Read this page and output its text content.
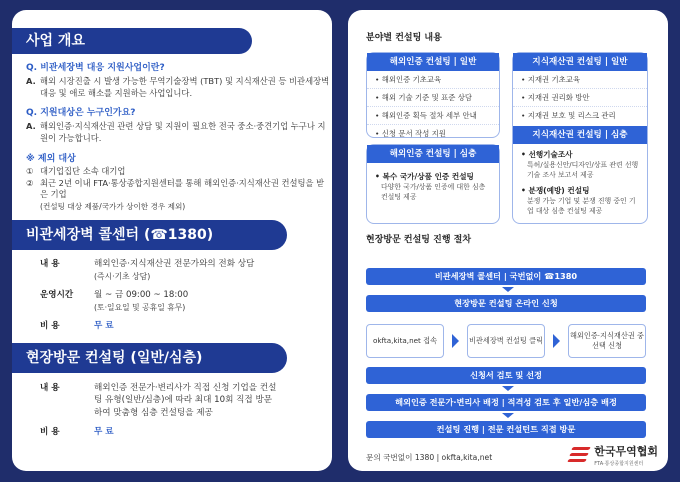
사업 개요
Q. 비관세장벽 대응 지원사업이란?
A. 해외 시장진출 시 발생 가능한 무역기술장벽 (TBT) 및 지식재산권 등 비관세장벽 대응 및 애로 해소를 지원하는 사업입니다.
Q. 지원대상은 누구인가요?
A. 해외인증·지식재산권 관련 상담 및 지원이 필요한 전국 중소·중견기업 누구나 지원이 가능합니다.
※ 제외 대상
① 대기업집단 소속 대기업
② 최근 2년 이내 FTA·통상종합지원센터를 통해 해외인증·지식재산권 컨설팅을 받은 기업
(컨설팅 대상 제품/국가가 상이한 경우 제외)
비관세장벽 콜센터 (☎1380)
내 용	해외인증·지식재산권 전문가와의 전화 상담
(즉시·기초 상담)
운영시간	월 ~ 금 09:00 ~ 18:00
(토·일요일 및 공휴일 휴무)
비 용	무 료
현장방문 컨설팅 (일반/심층)
내 용	해외인증 전문가·변리사가 직접 신청 기업을 컨설팅 유형(일반/심층)에 따라 최대 10회 직접 방문하여 맞춤형 심층 컨설팅을 제공
비 용	무 료
분야별 컨설팅 내용
해외인증 컨설팅 | 일반
• 해외인증 기초교육
• 해외 기술 기준 및 표준 상담
• 해외인증 획득 절차 세부 안내
• 신청 문서 작성 지원
해외인증 컨설팅 | 심층
• 복수 국가/상품 인증 컨설팅
다양한 국가/상품 인증에 대한 심층 컨설팅 제공
지식재산권 컨설팅 | 일반
• 지재권 기초교육
• 지재권 권리화 방안
• 지재권 보호 및 리스크 관리
지식재산권 컨설팅 | 심층
• 선행기술조사
특허/실용신안/디자인/상표 관련 선행기술 조사 보고서 제공
• 분쟁(예방) 컨설팅
분쟁 가능 기업 및 분쟁 진행 중인 기업 대상 심층 컨설팅 제공
현장방문 컨설팅 진행 절차
비관세장벽 콜센터 | 국번없이 ☎1380
현장방문 컨설팅 온라인 신청
okfta,kita,net 접속	비관세장벽 컨설팅 클릭
해외인증·지식재산권 중 선택 신청
신청서 검토 및 선정
해외인증 전문가·변리사 배정 | 적격성 검토 후 일반/심층 배정
컨설팅 진행 | 전문 컨설턴트 직접 방문
문의 국번없이 1380 | okfta,kita,net	한국무역협회
FTA·통상종합지원센터
